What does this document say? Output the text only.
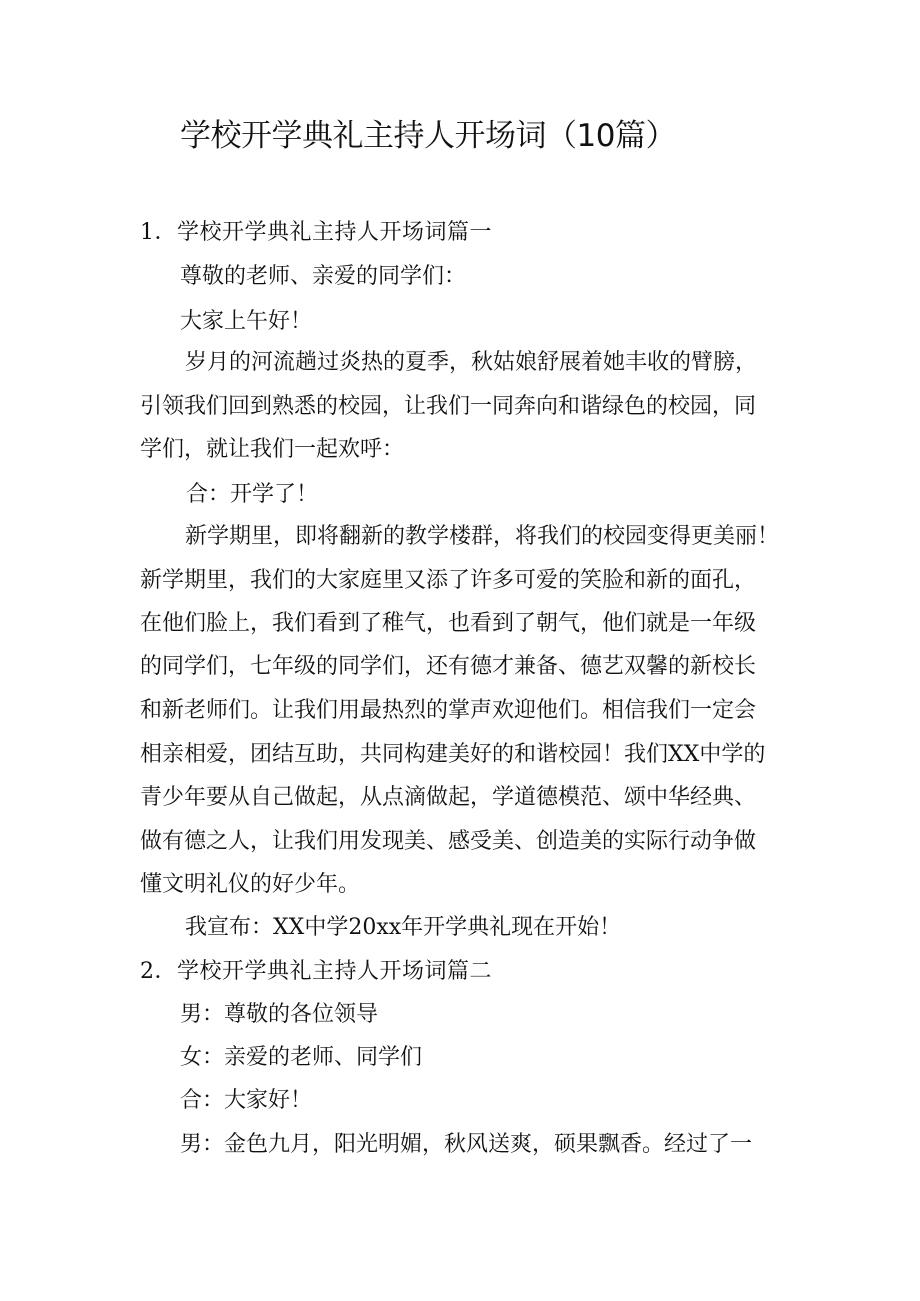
学校开学典礼主持人开场词（10篇）
1．学校开学典礼主持人开场词篇一
尊敬的老师、亲爱的同学们：
大家上午好！
岁月的河流趟过炎热的夏季，秋姑娘舒展着她丰收的臂膀，
引领我们回到熟悉的校园，让我们一同奔向和谐绿色的校园，同
学们，就让我们一起欢呼：
合：开学了！
新学期里，即将翻新的教学楼群，将我们的校园变得更美丽！
新学期里，我们的大家庭里又添了许多可爱的笑脸和新的面孔，
在他们脸上，我们看到了稚气，也看到了朝气，他们就是一年级
的同学们，七年级的同学们，还有德才兼备、德艺双馨的新校长
和新老师们。让我们用最热烈的掌声欢迎他们。相信我们一定会
相亲相爱，团结互助，共同构建美好的和谐校园！我们XX中学的
青少年要从自己做起，从点滴做起，学道德模范、颂中华经典、
做有德之人，让我们用发现美、感受美、创造美的实际行动争做
懂文明礼仪的好少年。
我宣布：XX中学20xx年开学典礼现在开始！
2．学校开学典礼主持人开场词篇二
男：尊敬的各位领导
女：亲爱的老师、同学们
合：大家好！
男：金色九月，阳光明媚，秋风送爽，硕果飘香。经过了一
